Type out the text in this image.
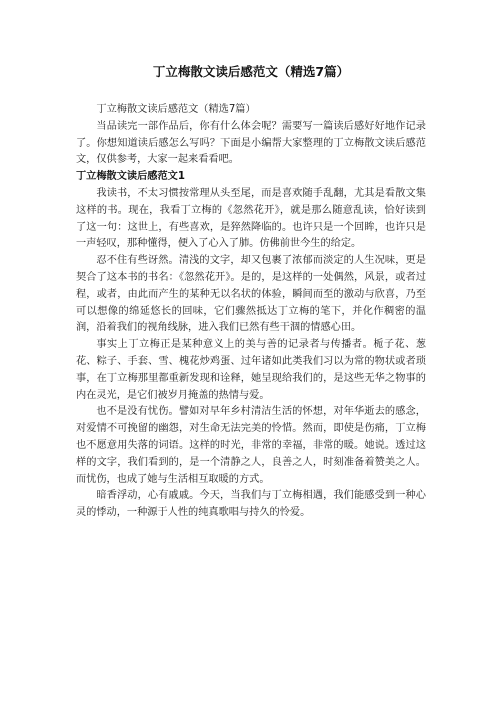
丁立梅散文读后感范文（精选7篇）

丁立梅散文读后感范文（精选7篇）

当品读完一部作品后，你有什么体会呢？需要写一篇读后感好好地作记录了。你想知道读后感怎么写吗？下面是小编帮大家整理的丁立梅散文读后感范文，仅供参考，大家一起来看看吧。

丁立梅散文读后感范文1

我读书，不太习惯按常理从头至尾，而是喜欢随手乱翻，尤其是看散文集这样的书。现在，我看丁立梅的《忽然花开》，就是那么随意乱读，恰好读到了这一句：这世上，有些喜欢，是猝然降临的。也许只是一个回眸，也许只是一声轻叹，那种懂得，便入了心入了肺。仿佛前世今生的给定。

忍不住有些讶然。清浅的文字，却又包裹了浓郁而淡定的人生况味，更是契合了这本书的书名：《忽然花开》。是的，是这样的一处偶然，风景，或者过程，或者，由此而产生的某种无以名状的体验，瞬间而至的激动与欣喜，乃至可以想像的绵延悠长的回味，它们骤然抵达丁立梅的笔下，并化作稠密的温润，沿着我们的视角线脉，进入我们已然有些干涸的情感心田。

事实上丁立梅正是某种意义上的美与善的记录者与传播者。栀子花、葱花、粽子、手套、雪、槐花炒鸡蛋、过年诸如此类我们习以为常的物状或者琐事，在丁立梅那里都重新发现和诠释，她呈现给我们的，是这些无华之物事的内在灵光，是它们被岁月掩盖的热情与爱。

也不是没有忧伤。譬如对早年乡村清洁生活的怀想，对年华逝去的感念，对爱情不可挽留的幽怨，对生命无法完美的怜惜。然而，即使是伤痛，丁立梅也不愿意用失落的词语。这样的时光，非常的幸福，非常的暖。她说。透过这样的文字，我们看到的，是一个清静之人，良善之人，时刻准备着赞美之人。而忧伤，也成了她与生活相互取暖的方式。

暗香浮动，心有戚戚。今天，当我们与丁立梅相遇，我们能感受到一种心灵的悸动，一种源于人性的纯真歌唱与持久的怜爱。
